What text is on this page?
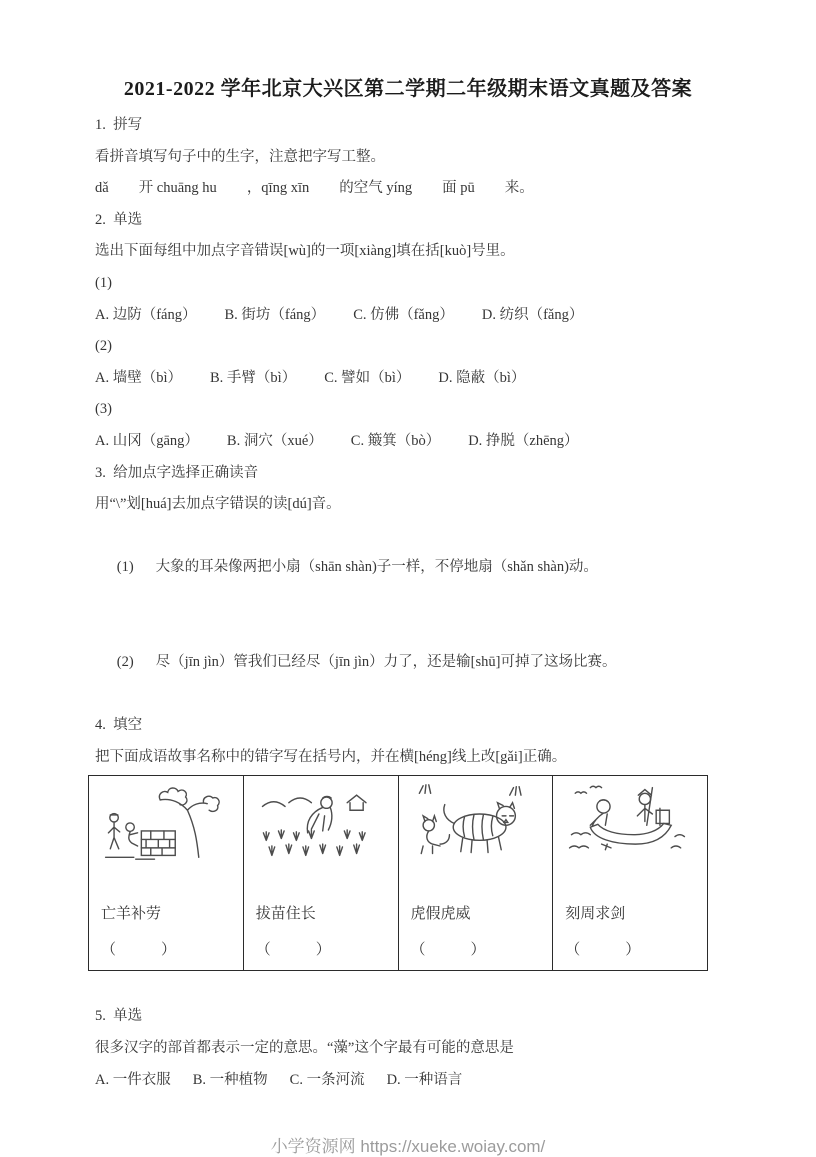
2021-2022 学年北京大兴区第二学期二年级期末语文真题及答案

1.  拼写

看拼音填写句子中的生字，注意把字写工整。

dǎ 开 chuāng hu ，qīng xīn 的空气 yíng 面 pū 来。

2.  单选

选出下面每组中加点字音错误[wù]的一项[xiàng]填在括[kuò]号里。

(1)

A. 边防（fáng） B. 街坊（fáng） C. 仿佛（fǎng） D. 纺织（fǎng）

(2)

A. 墙壁（bì） B. 手臂（bì） C. 譬如（bì） D. 隐蔽（bì）

(3)

A. 山冈（gāng） B. 洞穴（xué） C. 簸箕（bò） D. 挣脱（zhēng）

3.  给加点字选择正确读音

用“\”划[huá]去加点字错误的读[dú]音。

(1) 大象的耳朵像两把小扇（shān shàn)子一样，不停地扇（shǎn shàn)动。

(2) 尽（jīn jìn）管我们已经尽（jīn jìn）力了，还是输[shū]可掉了这场比赛。

4.  填空

把下面成语故事名称中的错字写在括号内，并在横[héng]线上改[gǎi]正确。

亡羊补劳
（            ）

拔苗住长
（            ）

虎假虎威
（            ）

刻周求剑
（            ）

5.  单选

很多汉字的部首都表示一定的意思。“藻”这个字最有可能的意思是

A. 一件衣服 B. 一种植物 C. 一条河流 D. 一种语言

小学资源网 https://xueke.woiay.com/
